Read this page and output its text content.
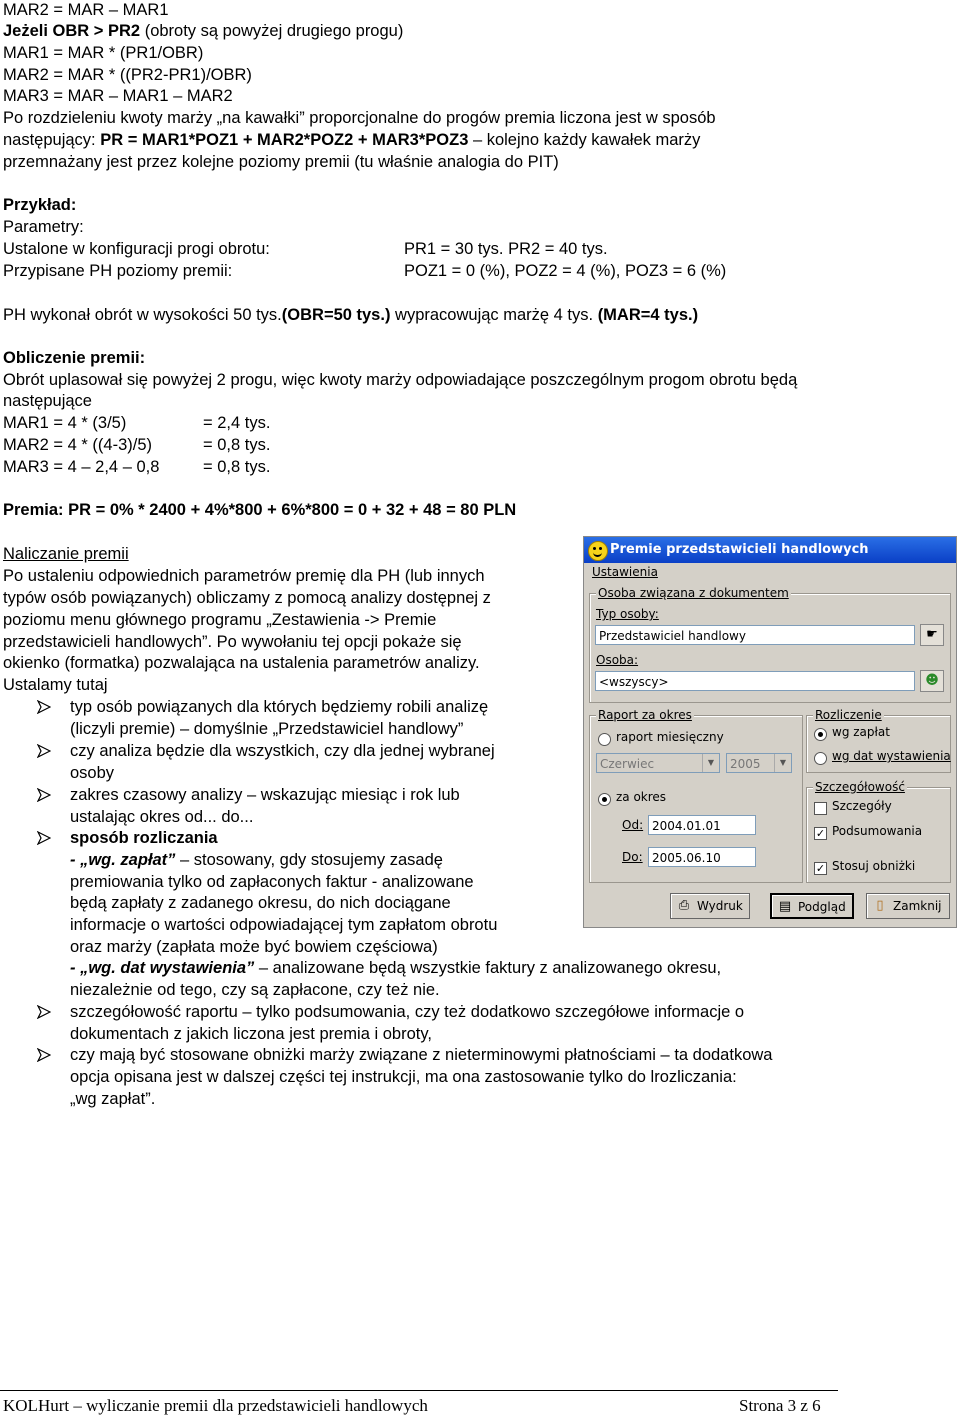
MAR2 = MAR – MAR1
Jeżeli OBR > PR2 (obroty są powyżej drugiego progu)
MAR1 = MAR * (PR1/OBR)
MAR2 = MAR * ((PR2-PR1)/OBR)
MAR3 = MAR – MAR1 – MAR2
Po rozdzieleniu kwoty marży „na kawałki” proporcjonalne do progów premia liczona jest w sposób
następujący: PR = MAR1*POZ1 + MAR2*POZ2 + MAR3*POZ3 – kolejno każdy kawałek marży
przemnażany jest przez kolejne poziomy premii (tu właśnie analogia do PIT)
Przykład:
Parametry:
Ustalone w konfiguracji progi obrotu:	PR1 = 30 tys. PR2 = 40 tys.
Przypisane PH poziomy premii:	POZ1 = 0 (%), POZ2 = 4 (%), POZ3 = 6 (%)
PH wykonał obrót w wysokości 50 tys.(OBR=50 tys.) wypracowując marżę 4 tys. (MAR=4 tys.)
Obliczenie premii:
Obrót uplasował się powyżej 2 progu, więc kwoty marży odpowiadające poszczególnym progom obrotu będą
następujące
MAR1 = 4 * (3/5)	= 2,4 tys.
MAR2 = 4 * ((4-3)/5)	= 0,8 tys.
MAR3 = 4 – 2,4 – 0,8	= 0,8 tys.
Premia: PR = 0% * 2400 + 4%*800 + 6%*800 = 0 + 32 + 48 = 80 PLN
Naliczanie premii
Po ustaleniu odpowiednich parametrów premię dla PH (lub innych
typów osób powiązanych) obliczamy z pomocą analizy dostępnej z
poziomu menu głównego programu „Zestawienia -> Premie
przedstawicieli handlowych”. Po wywołaniu tej opcji pokaże się
okienko (formatka) pozwalająca na ustalenia parametrów analizy.
Ustalamy tutaj
typ osób powiązanych dla których będziemy robili analizę
(liczyli premie) – domyślnie „Przedstawiciel handlowy”
czy analiza będzie dla wszystkich, czy dla jednej wybranej
osoby
zakres czasowy analizy – wskazując miesiąc i rok lub
ustalając okres od... do...
sposób rozliczania
- „wg. zapłat” – stosowany, gdy stosujemy zasadę
premiowania tylko od zapłaconych faktur - analizowane
będą zapłaty z zadanego okresu, do nich dociągane
informacje o wartości odpowiadającej tym zapłatom obrotu
oraz marży (zapłata może być bowiem częściowa)
- „wg. dat wystawienia” – analizowane będą wszystkie faktury z analizowanego okresu,
niezależnie od tego, czy są zapłacone, czy też nie.
szczegółowość raportu – tylko podsumowania, czy też dodatkowo szczegółowe informacje o
dokumentach z jakich liczona jest premia i obroty,
czy mają być stosowane obniżki marży związane z nieterminowymi płatnościami – ta dodatkowa
opcja opisana jest w dalszej części tej instrukcji, ma ona zastosowanie tylko do lrozliczania:
„wg zapłat”.
Premie przedstawicieli handlowych
Ustawienia
Osoba związana z dokumentem
Typ osoby:
Przedstawiciel handlowy	☛
Osoba:
<wszyscy>	☻
Raport za okres
raport miesięczny
Czerwiec	▼	2005	▼
za okres
Od: 2004.01.01
Do: 2005.06.10
Rozliczenie
wg zapłat
wg dat wystawienia
Szczegółowość
Szczegóły
✓ Podsumowania
✓ Stosuj obniżki
⎙ Wydruk	▤ Podgląd	▯ Zamknij
KOLHurt – wyliczanie premii dla przedstawicieli handlowych	Strona 3 z 6
